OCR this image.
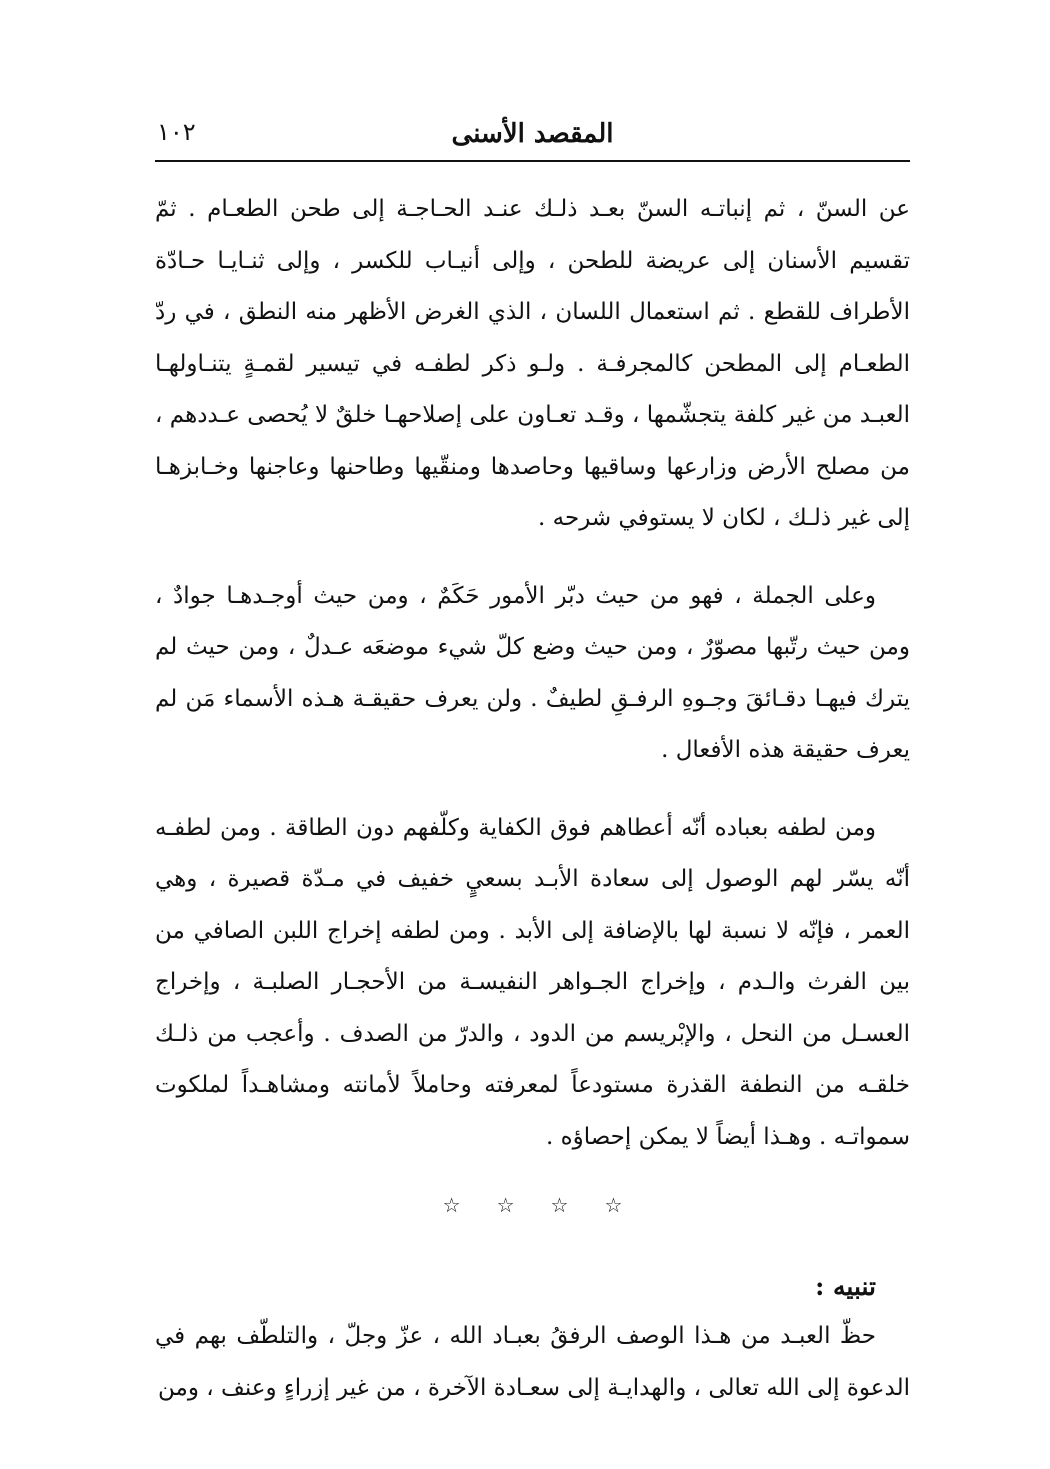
المقصد الأسنى
١٠٢

عن السنّ ، ثم إنباتـه السنّ بعـد ذلـك عنـد الحـاجـة إلى طحن الطعـام . ثمّ تقسيم الأسنان إلى عريضة للطحن ، وإلى أنيـاب للكسر ، وإلى ثنـايـا حـادّة الأطراف للقطع . ثم استعمال اللسان ، الذي الغرض الأظهر منه النطق ، في ردّ الطعـام إلى المطحن كالمجرفـة . ولـو ذكر لطفـه في تيسير لقمـةٍ يتنـاولهـا العبـد من غير كلفة يتجشّمها ، وقـد تعـاون على إصلاحهـا خلقٌ لا يُحصى عـددهم ، من مصلح الأرض وزارعها وساقيها وحاصدها ومنقّيها وطاحنها وعاجنها وخـابزهـا إلى غير ذلـك ، لكان لا يستوفي شرحه .

وعلى الجملة ، فهو من حيث دبّر الأمور حَكَمٌ ، ومن حيث أوجـدهـا جوادٌ ، ومن حيث رتّبها مصوّرٌ ، ومن حيث وضع كلّ شيء موضعَه عـدلٌ ، ومن حيث لم يترك فيهـا دقـائقَ وجـوهِ الرفـقِ لطيفٌ . ولن يعرف حقيقـة هـذه الأسماء مَن لم يعرف حقيقة هذه الأفعال .

ومن لطفه بعباده أنّه أعطاهم فوق الكفاية وكلّفهم دون الطاقة . ومن لطفـه أنّه يسّر لهم الوصول إلى سعادة الأبـد بسعيٍ خفيف في مـدّة قصيرة ، وهي العمر ، فإنّه لا نسبة لها بالإضافة إلى الأبد . ومن لطفه إخراج اللبن الصافي من بين الفرث والـدم ، وإخراج الجـواهر النفيسـة من الأحجـار الصلبـة ، وإخراج العسـل من النحل ، والإبْريسم من الدود ، والدرّ من الصدف . وأعجب من ذلـك خلقـه من النطفة القذرة مستودعاً لمعرفته وحاملاً لأمانته ومشاهـداً لملكوت سمواتـه . وهـذا أيضاً لا يمكن إحصاؤه .

☆ ☆ ☆ ☆
تنبيه :

حظّ العبـد من هـذا الوصف الرفقُ بعبـاد الله ، عزّ وجلّ ، والتلطّف بهم في الدعوة إلى الله تعالى ، والهدايـة إلى سعـادة الآخرة ، من غير إزراءٍ وعنف ، ومن
